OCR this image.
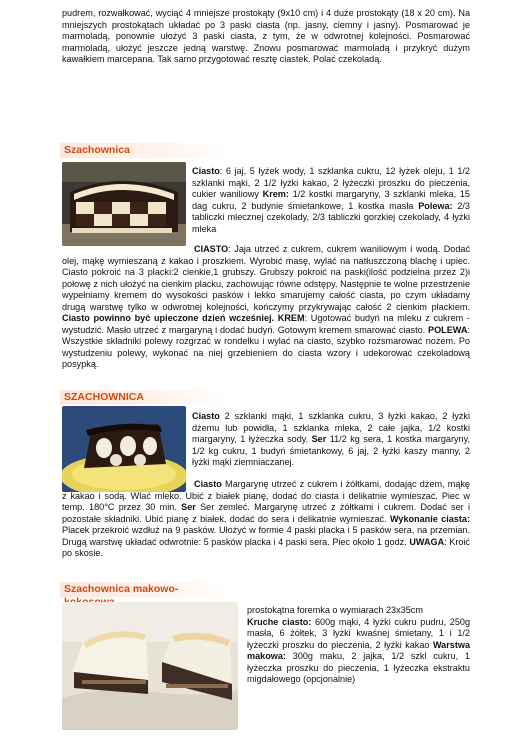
pudrem, rozwałkować, wyciąć 4 mniejsze prostokąty (9x10 cm) i 4 duże prostokąty (18 x 20 cm). Na mniejszych prostokątach układać po 3 paski ciasta (np. jasny, ciemny i jasny). Posmarować je marmoladą, ponownie ułożyć 3 paski ciasta, z tym, że w odwrotnej kolejności. Posmarować marmoladą, ułożyć jeszcze jedną warstwę. Znowu posmarować marmoladą i przykryć dużym kawałkiem marcepana. Tak samo przygotować resztę ciastek. Polać czekoladą.

Szachownica

Ciasto: 6 jaj, 5 łyżek wody, 1 szklanka cukru, 12 łyżek oleju, 1 1/2 szklanki mąki, 2 1/2 łyżki kakao, 2 łyżeczki proszku do pieczenia, cukier waniliowy Krem: 1/2 kostki margaryny, 3 szklanki mleka, 15 dag cukru, 2 budynie śmietankowe, 1 kostka masła Polewa: 2/3 tabliczki mlecznej czekolady, 2/3 tabliczki gorzkiej czekolady, 4 łyżki mleka

CIASTO: Jaja utrzeć z cukrem, cukrem waniliowym i wodą. Dodać olej, mąkę wymieszaną z kakao i proszkiem. Wyrobić masę, wylać na natłuszczoną blachę i upiec. Ciasto pokroić na 3 placki:2 cienkie,1 grubszy. Grubszy pokroić na paski(ilość podzielna przez 2)i połowę z nich ułożyć na cienkim placku, zachowując równe odstępy. Następnie te wolne przestrzenie wypełniamy kremem do wysokości pasków i lekko smarujemy całość ciasta, po czym układamy drugą warstwę tylko w odwrotnej kolejności, kończymy przykrywając całość 2 cienkim plackiem. Ciasto powinno być upieczone dzień wcześniej. KREM: Ugotować budyń na mleku z cukrem - wystudzić. Masło utrzeć z margaryną i dodać budyń. Gotowym kremem smarować ciasto. POLEWA: Wszystkie składniki polewy rozgrzać w rondelku i wylać na ciasto, szybko rozsmarować nożem. Po wystudzeniu polewy, wykonać na niej grzebieniem do ciasta wzory i udekorować czekoladową posypką.

SZACHOWNICA

Ciasto 2 szklanki mąki, 1 szklanka cukru, 3 łyżki kakao, 2 łyżki dżemu lub powidła, 1 szklanka mleka, 2 całe jajka, 1/2 kostki margaryny, 1 łyżeczka sody. Ser 11/2 kg sera, 1 kostka margaryny, 1/2 kg cukru, 1 budyń śmietankowy, 6 jaj, 2 łyżki kaszy manny, 2 łyżki mąki ziemniaczanej.

Ciasto Margarynę utrzeć z cukrem i żółtkami, dodając dżem, mąkę z kakao i sodą. Wlać mleko. Ubić z białek pianę, dodać do ciasta i delikatnie wymieszać. Piec w temp. 180°C przez 30 min. Ser Ser zemleć. Margarynę utrzeć z żółtkami i cukrem. Dodać ser i pozostałe składniki. Ubić pianę z białek, dodać do sera i delikatnie wymieszać. Wykonanie ciasta: Placek przekroić wzdłuż na 9 pasków. Ułożyć w formie 4 paski placka i 5 pasków sera, na przemian. Drugą warstwę układać odwrotnie: 5 pasków placka i 4 paski sera. Piec około 1 godz. UWAGA: Kroić po skosie.

Szachownica makowo-

prostokątna foremka o wymiarach 23x35cm
Kruche ciasto: 600g mąki, 4 łyżki cukru pudru, 250g masła, 6 żółtek, 3 łyżki kwaśnej śmietany, 1 i 1/2 łyżeczki proszku do pieczenia, 2 łyżki kakao Warstwa makowa: 300g maku, 2 jajka, 1/2 szkl cukru, 1 łyżeczka proszku do pieczenia, 1 łyżeczka ekstraktu migdałowego (opcjonalnie)
